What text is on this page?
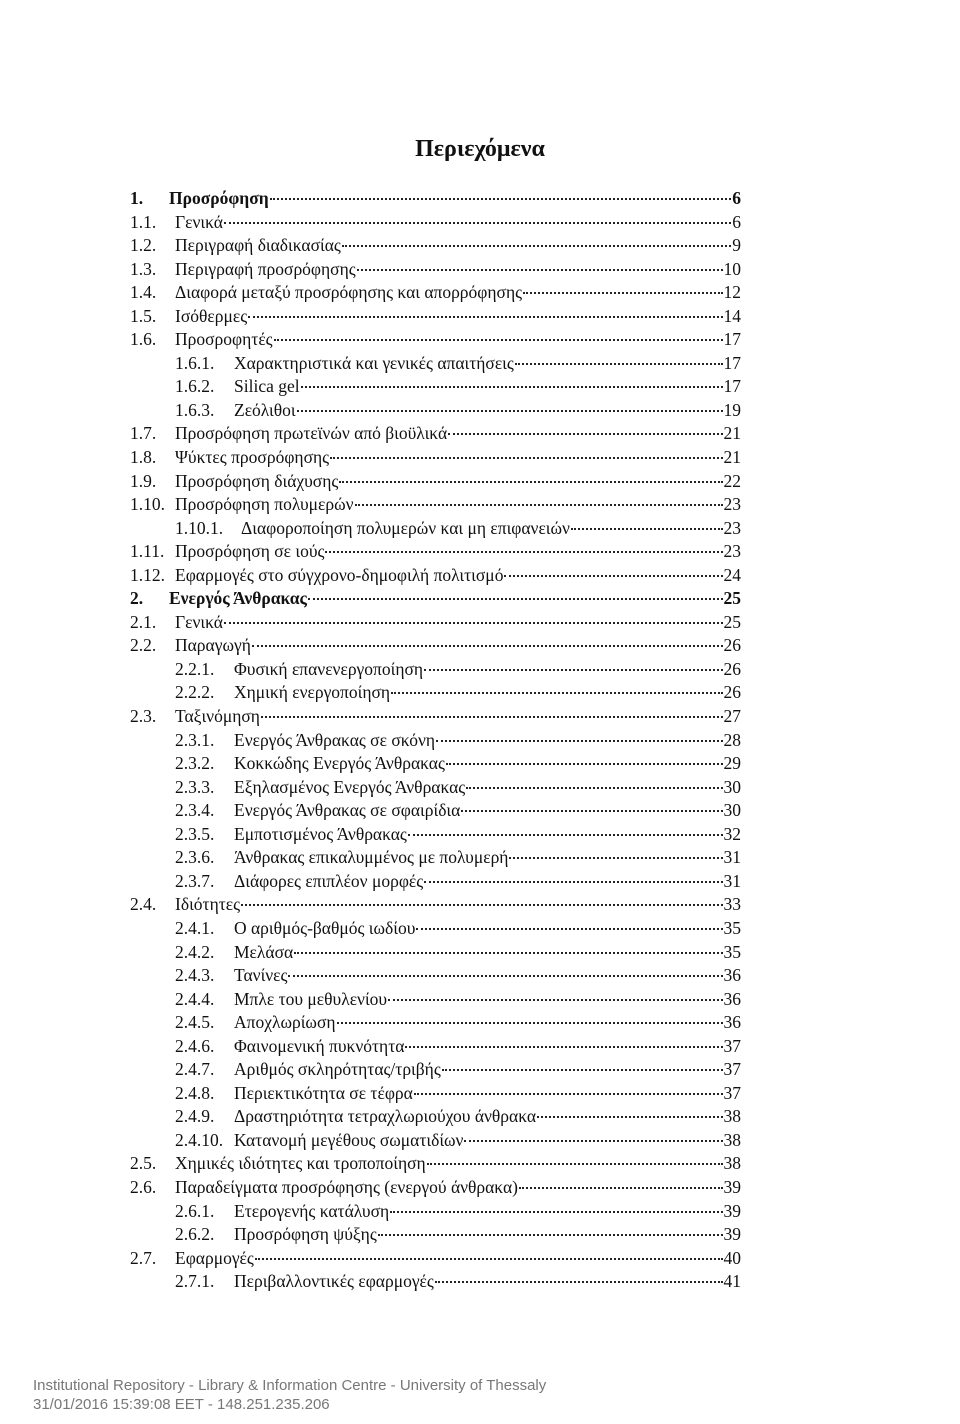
Περιεχόμενα
1.	Προσρόφηση	6
1.1.	Γενικά	6
1.2.	Περιγραφή διαδικασίας	9
1.3.	Περιγραφή προσρόφησης	10
1.4.	Διαφορά μεταξύ προσρόφησης και απορρόφησης	12
1.5.	Ισόθερμες	14
1.6.	Προσροφητές	17
1.6.1.	Χαρακτηριστικά και γενικές απαιτήσεις	17
1.6.2.	Silica gel	17
1.6.3.	Ζεόλιθοι	19
1.7.	Προσρόφηση πρωτεϊνών από βιοϋλικά	21
1.8.	Ψύκτες προσρόφησης	21
1.9.	Προσρόφηση διάχυσης	22
1.10. Προσρόφηση πολυμερών	23
1.10.1.	Διαφοροποίηση πολυμερών και μη επιφανειών	23
1.11. Προσρόφηση σε ιούς	23
1.12. Εφαρμογές στο σύγχρονο-δημοφιλή πολιτισμό	24
2.	Ενεργός Άνθρακας	25
2.1.	Γενικά	25
2.2.	Παραγωγή	26
2.2.1.	Φυσική επανενεργοποίηση	26
2.2.2.	Χημική ενεργοποίηση	26
2.3.	Ταξινόμηση	27
2.3.1.	Ενεργός Άνθρακας σε σκόνη	28
2.3.2.	Κοκκώδης Ενεργός Άνθρακας	29
2.3.3.	Εξηλασμένος Ενεργός Άνθρακας	30
2.3.4.	Ενεργός Άνθρακας σε σφαιρίδια	30
2.3.5.	Εμποτισμένος Άνθρακας	32
2.3.6.	Άνθρακας επικαλυμμένος με πολυμερή	31
2.3.7.	Διάφορες επιπλέον μορφές	31
2.4.	Ιδιότητες	33
2.4.1.	Ο αριθμός-βαθμός ιωδίου	35
2.4.2.	Μελάσα	35
2.4.3.	Τανίνες	36
2.4.4.	Μπλε του μεθυλενίου	36
2.4.5.	Αποχλωρίωση	36
2.4.6.	Φαινομενική πυκνότητα	37
2.4.7.	Αριθμός σκληρότητας/τριβής	37
2.4.8.	Περιεκτικότητα σε τέφρα	37
2.4.9.	Δραστηριότητα τετραχλωριούχου άνθρακα	38
2.4.10. Κατανομή μεγέθους σωματιδίων	38
2.5.	Χημικές ιδιότητες και τροποποίηση	38
2.6.	Παραδείγματα προσρόφησης (ενεργού άνθρακα)	39
2.6.1.	Ετερογενής κατάλυση	39
2.6.2.	Προσρόφηση ψύξης	39
2.7.	Εφαρμογές	40
2.7.1.	Περιβαλλοντικές εφαρμογές	41
Institutional Repository - Library & Information Centre - University of Thessaly
31/01/2016 15:39:08 EET - 148.251.235.206
